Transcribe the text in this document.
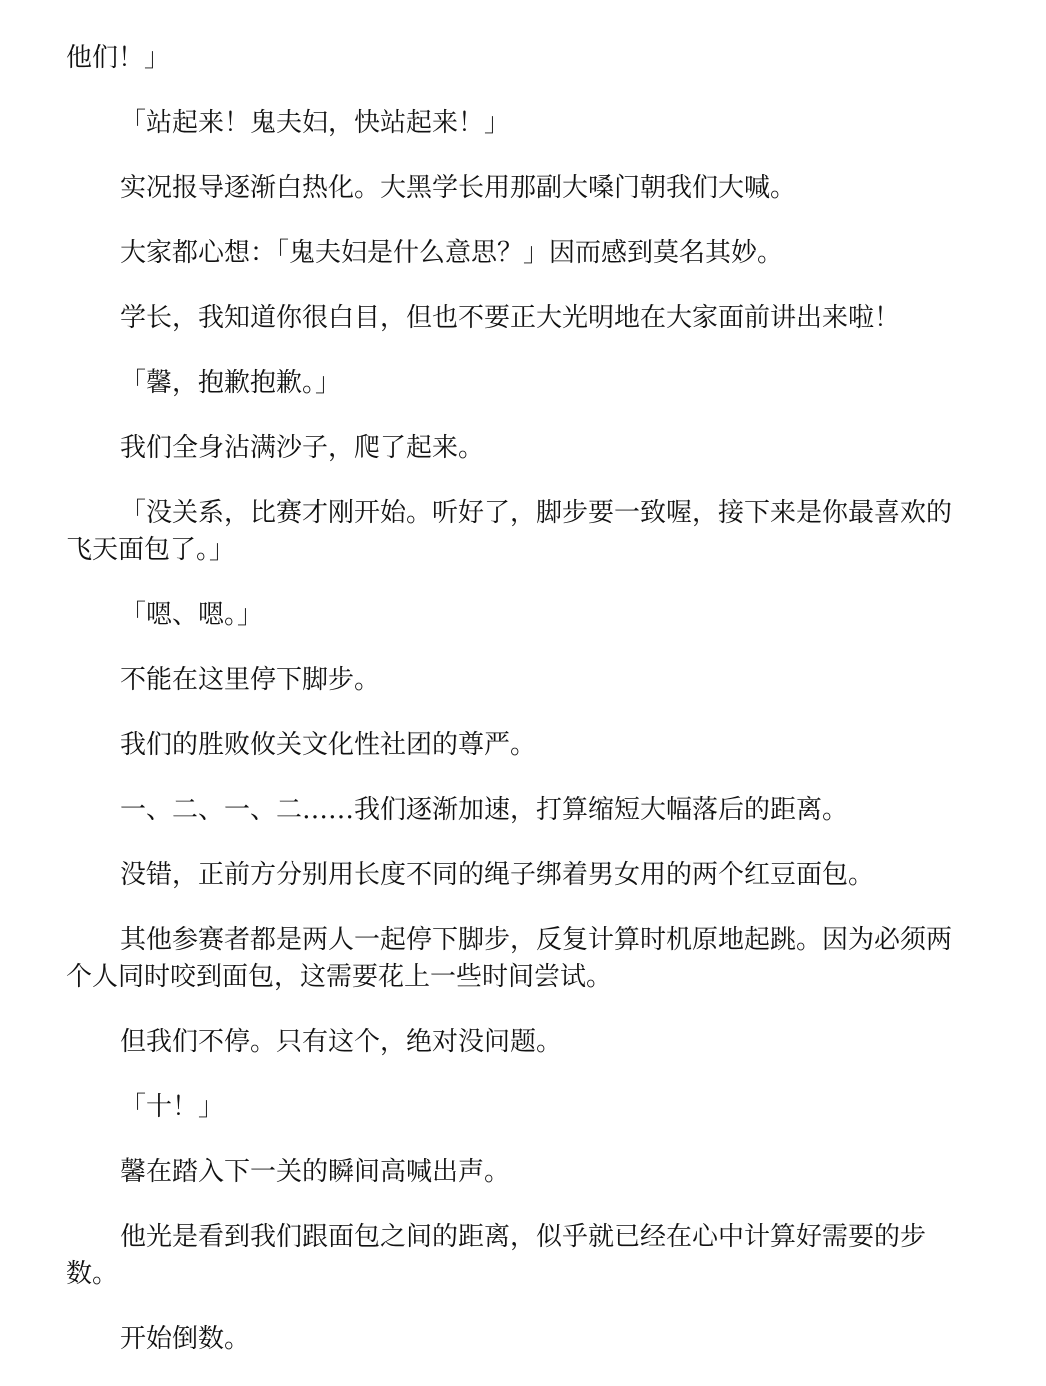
他们！」

「站起来！鬼夫妇，快站起来！」

实况报导逐渐白热化。大黑学长用那副大嗓门朝我们大喊。

大家都心想：「鬼夫妇是什么意思？」因而感到莫名其妙。

学长，我知道你很白目，但也不要正大光明地在大家面前讲出来啦！

「馨，抱歉抱歉。」

我们全身沾满沙子，爬了起来。

「没关系，比赛才刚开始。听好了，脚步要一致喔，接下来是你最喜欢的飞天面包了。」

「嗯、嗯。」

不能在这里停下脚步。

我们的胜败攸关文化性社团的尊严。

一、二、一、二……我们逐渐加速，打算缩短大幅落后的距离。

没错，正前方分别用长度不同的绳子绑着男女用的两个红豆面包。

其他参赛者都是两人一起停下脚步，反复计算时机原地起跳。因为必须两个人同时咬到面包，这需要花上一些时间尝试。

但我们不停。只有这个，绝对没问题。

「十！」

馨在踏入下一关的瞬间高喊出声。

他光是看到我们跟面包之间的距离，似乎就已经在心中计算好需要的步数。

开始倒数。
